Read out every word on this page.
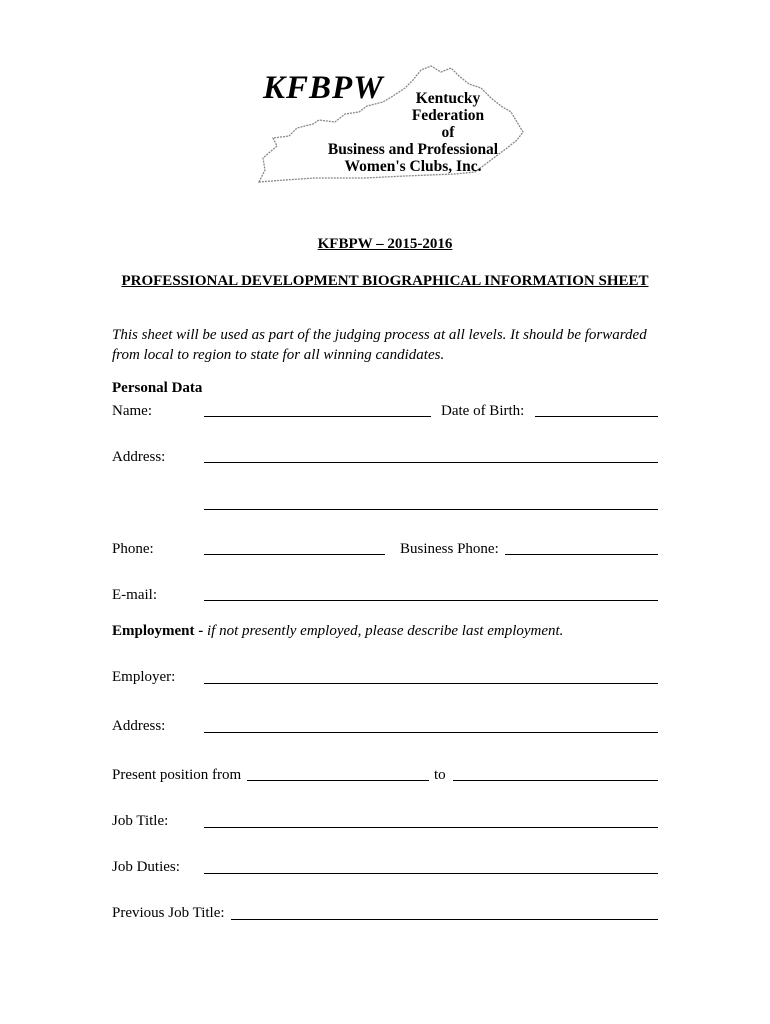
KFBPW	Kentucky
Federation
of
Business and Professional
Women's Clubs, Inc.
KFBPW – 2015-2016
PROFESSIONAL DEVELOPMENT BIOGRAPHICAL INFORMATION SHEET
This sheet will be used as part of the judging process at all levels. It should be forwarded from local to region to state for all winning candidates.
Personal Data
Name:	Date of Birth:
Address:
Phone:	Business Phone:
E-mail:
Employment - if not presently employed, please describe last employment.
Employer:
Address:
Present position from	to
Job Title:
Job Duties:
Previous Job Title:
